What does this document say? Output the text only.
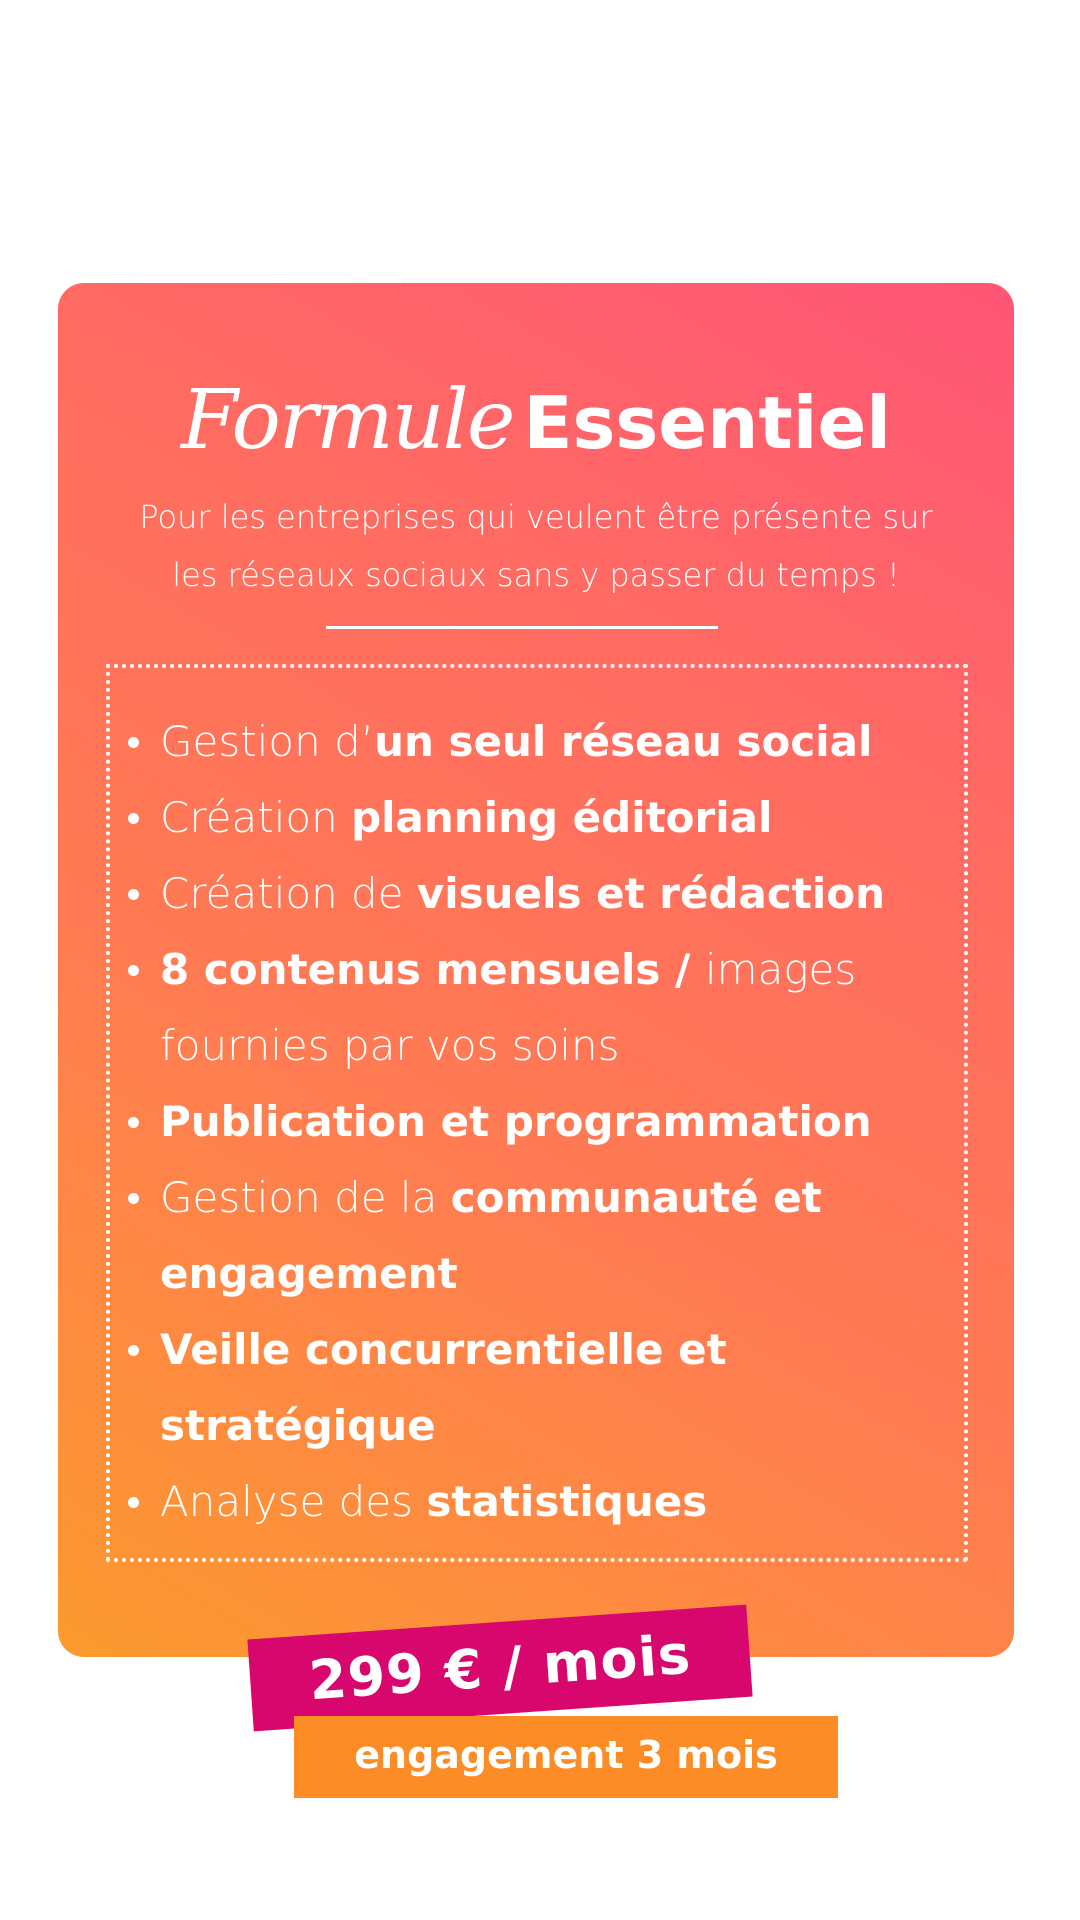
Formule Essentiel
Pour les entreprises qui veulent être présente sur
les réseaux sociaux sans y passer du temps !
Gestion d’un seul réseau social
Création planning éditorial
Création de visuels et rédaction
8 contenus mensuels / images fournies par vos soins
Publication et programmation
Gestion de la communauté et engagement
Veille concurrentielle et stratégique
Analyse des statistiques
299 € / mois
engagement 3 mois
